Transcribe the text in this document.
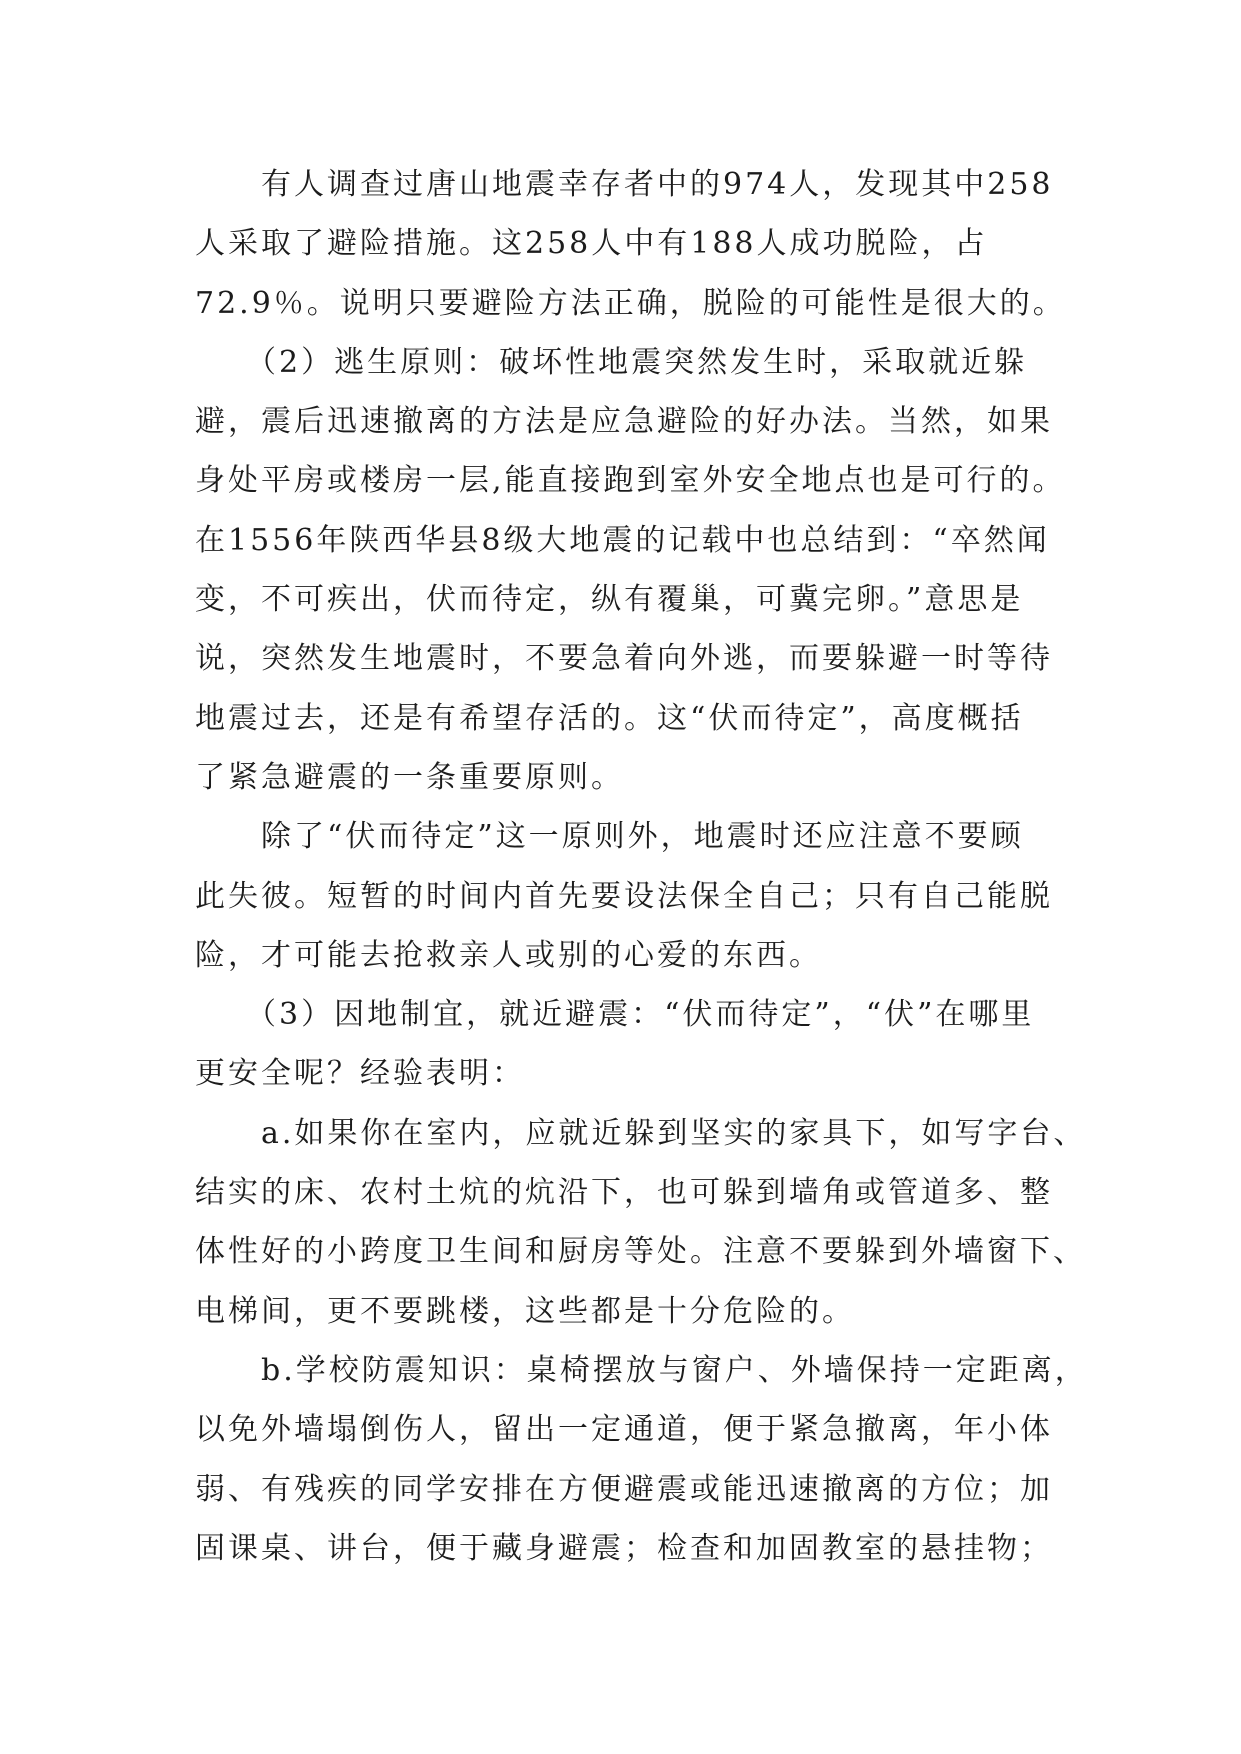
　　有人调查过唐山地震幸存者中的974人，发现其中258
人采取了避险措施。这258人中有188人成功脱险，占
72.9％。说明只要避险方法正确，脱险的可能性是很大的。
　　（2）逃生原则：破坏性地震突然发生时，采取就近躲
避，震后迅速撤离的方法是应急避险的好办法。当然，如果
身处平房或楼房一层,能直接跑到室外安全地点也是可行的。
在1556年陕西华县8级大地震的记载中也总结到：“卒然闻
变，不可疾出，伏而待定，纵有覆巢，可冀完卵。”意思是
说，突然发生地震时，不要急着向外逃，而要躲避一时等待
地震过去，还是有希望存活的。这“伏而待定”，高度概括
了紧急避震的一条重要原则。
　　除了“伏而待定”这一原则外，地震时还应注意不要顾
此失彼。短暂的时间内首先要设法保全自己；只有自己能脱
险，才可能去抢救亲人或别的心爱的东西。
　　（3）因地制宜，就近避震：“伏而待定”，“伏”在哪里
更安全呢？经验表明：
　　a.如果你在室内，应就近躲到坚实的家具下，如写字台、
结实的床、农村土炕的炕沿下，也可躲到墙角或管道多、整
体性好的小跨度卫生间和厨房等处。注意不要躲到外墙窗下、
电梯间，更不要跳楼，这些都是十分危险的。
　　b.学校防震知识：桌椅摆放与窗户、外墙保持一定距离，
以免外墙塌倒伤人，留出一定通道，便于紧急撤离，年小体
弱、有残疾的同学安排在方便避震或能迅速撤离的方位；加
固课桌、讲台，便于藏身避震；检查和加固教室的悬挂物；
